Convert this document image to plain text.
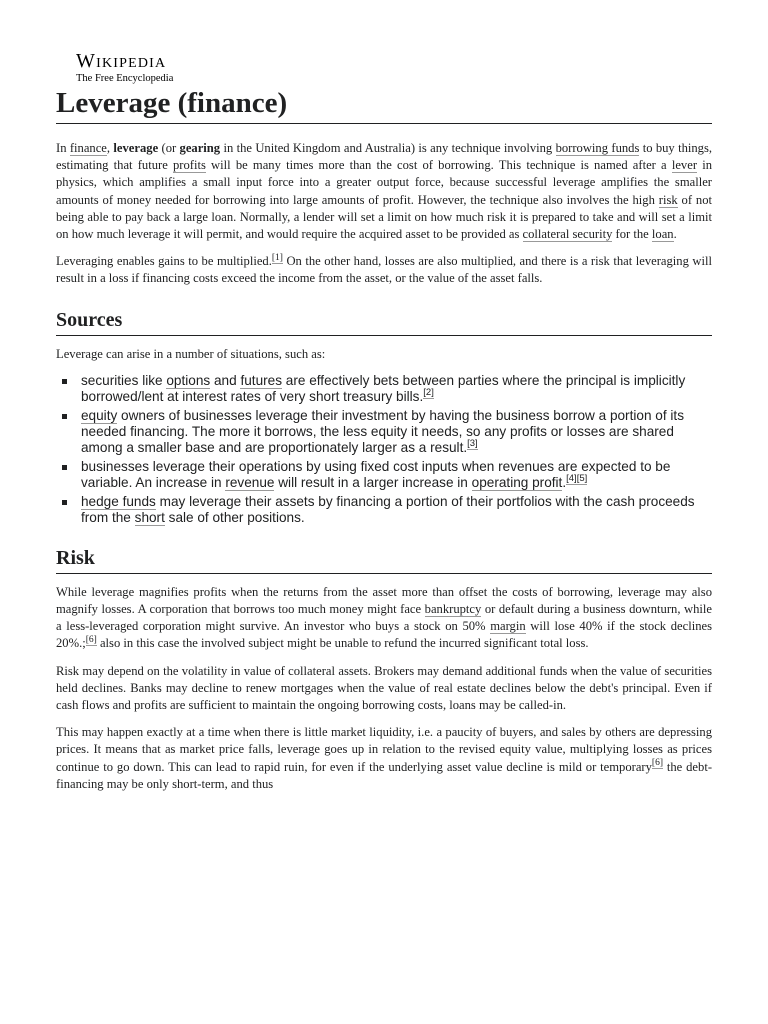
Wikipedia
The Free Encyclopedia
Leverage (finance)

In finance, leverage (or gearing in the United Kingdom and Australia) is any technique involving borrowing funds to buy things, estimating that future profits will be many times more than the cost of borrowing. This technique is named after a lever in physics, which amplifies a small input force into a greater output force, because successful leverage amplifies the smaller amounts of money needed for borrowing into large amounts of profit. However, the technique also involves the high risk of not being able to pay back a large loan. Normally, a lender will set a limit on how much risk it is prepared to take and will set a limit on how much leverage it will permit, and would require the acquired asset to be provided as collateral security for the loan.

Leveraging enables gains to be multiplied.[1] On the other hand, losses are also multiplied, and there is a risk that leveraging will result in a loss if financing costs exceed the income from the asset, or the value of the asset falls.

Sources

Leverage can arise in a number of situations, such as:

securities like options and futures are effectively bets between parties where the principal is implicitly borrowed/lent at interest rates of very short treasury bills.[2]
equity owners of businesses leverage their investment by having the business borrow a portion of its needed financing. The more it borrows, the less equity it needs, so any profits or losses are shared among a smaller base and are proportionately larger as a result.[3]
businesses leverage their operations by using fixed cost inputs when revenues are expected to be variable. An increase in revenue will result in a larger increase in operating profit.[4][5]
hedge funds may leverage their assets by financing a portion of their portfolios with the cash proceeds from the short sale of other positions.
Risk

While leverage magnifies profits when the returns from the asset more than offset the costs of borrowing, leverage may also magnify losses. A corporation that borrows too much money might face bankruptcy or default during a business downturn, while a less-leveraged corporation might survive. An investor who buys a stock on 50% margin will lose 40% if the stock declines 20%.;[6] also in this case the involved subject might be unable to refund the incurred significant total loss.

Risk may depend on the volatility in value of collateral assets. Brokers may demand additional funds when the value of securities held declines. Banks may decline to renew mortgages when the value of real estate declines below the debt's principal. Even if cash flows and profits are sufficient to maintain the ongoing borrowing costs, loans may be called-in.

This may happen exactly at a time when there is little market liquidity, i.e. a paucity of buyers, and sales by others are depressing prices. It means that as market price falls, leverage goes up in relation to the revised equity value, multiplying losses as prices continue to go down. This can lead to rapid ruin, for even if the underlying asset value decline is mild or temporary[6] the debt-financing may be only short-term, and thus
